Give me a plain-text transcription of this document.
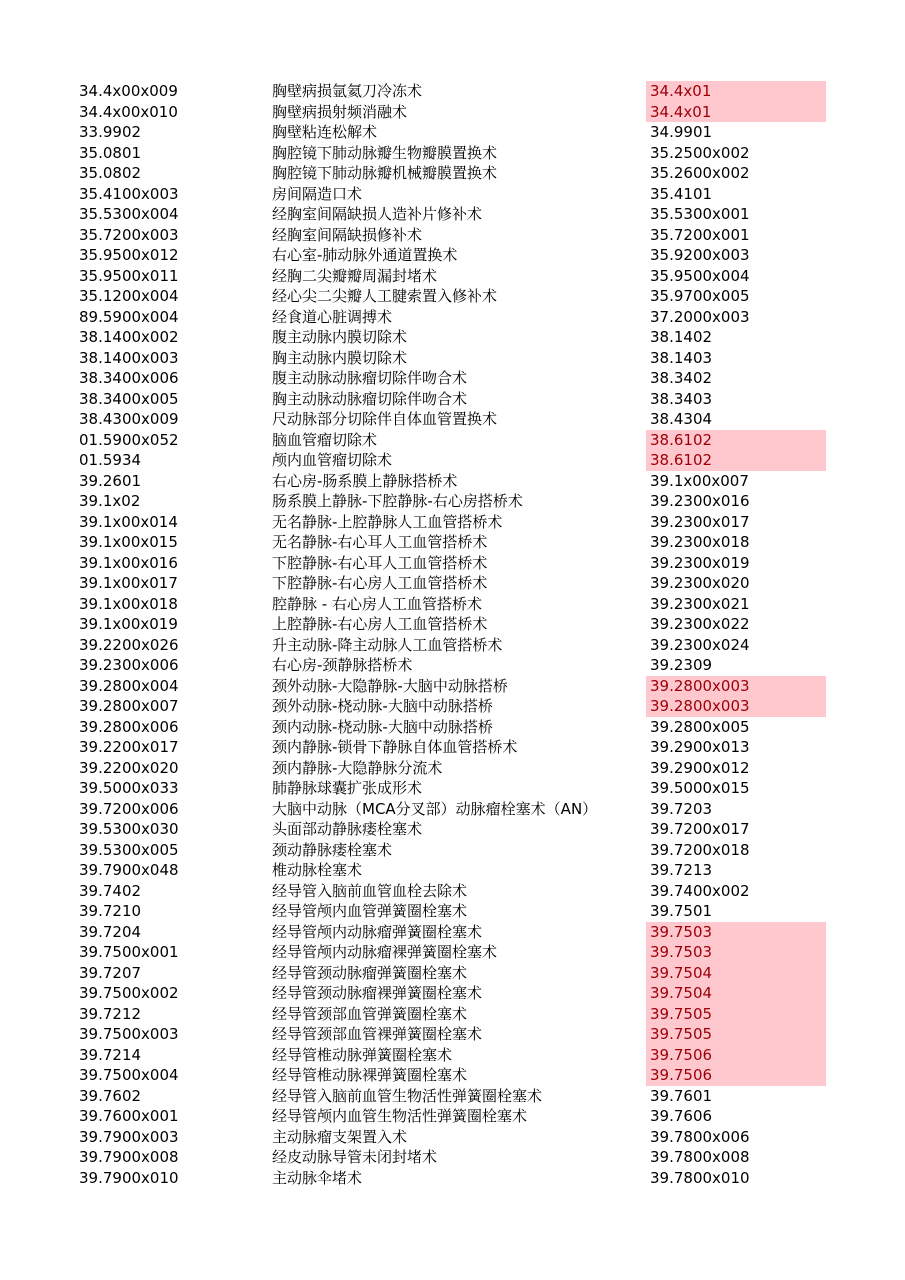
34.4x00x009	胸壁病损氩氦刀冷冻术	34.4x01
34.4x00x010	胸壁病损射频消融术	34.4x01
33.9902	胸壁粘连松解术	34.9901
35.0801	胸腔镜下肺动脉瓣生物瓣膜置换术	35.2500x002
35.0802	胸腔镜下肺动脉瓣机械瓣膜置换术	35.2600x002
35.4100x003	房间隔造口术	35.4101
35.5300x004	经胸室间隔缺损人造补片修补术	35.5300x001
35.7200x003	经胸室间隔缺损修补术	35.7200x001
35.9500x012	右心室-肺动脉外通道置换术	35.9200x003
35.9500x011	经胸二尖瓣瓣周漏封堵术	35.9500x004
35.1200x004	经心尖二尖瓣人工腱索置入修补术	35.9700x005
89.5900x004	经食道心脏调搏术	37.2000x003
38.1400x002	腹主动脉内膜切除术	38.1402
38.1400x003	胸主动脉内膜切除术	38.1403
38.3400x006	腹主动脉动脉瘤切除伴吻合术	38.3402
38.3400x005	胸主动脉动脉瘤切除伴吻合术	38.3403
38.4300x009	尺动脉部分切除伴自体血管置换术	38.4304
01.5900x052	脑血管瘤切除术	38.6102
01.5934	颅内血管瘤切除术	38.6102
39.2601	右心房-肠系膜上静脉搭桥术	39.1x00x007
39.1x02	肠系膜上静脉-下腔静脉-右心房搭桥术	39.2300x016
39.1x00x014	无名静脉-上腔静脉人工血管搭桥术	39.2300x017
39.1x00x015	无名静脉-右心耳人工血管搭桥术	39.2300x018
39.1x00x016	下腔静脉-右心耳人工血管搭桥术	39.2300x019
39.1x00x017	下腔静脉-右心房人工血管搭桥术	39.2300x020
39.1x00x018	腔静脉 - 右心房人工血管搭桥术	39.2300x021
39.1x00x019	上腔静脉-右心房人工血管搭桥术	39.2300x022
39.2200x026	升主动脉-降主动脉人工血管搭桥术	39.2300x024
39.2300x006	右心房-颈静脉搭桥术	39.2309
39.2800x004	颈外动脉-大隐静脉-大脑中动脉搭桥	39.2800x003
39.2800x007	颈外动脉-桡动脉-大脑中动脉搭桥	39.2800x003
39.2800x006	颈内动脉-桡动脉-大脑中动脉搭桥	39.2800x005
39.2200x017	颈内静脉-锁骨下静脉自体血管搭桥术	39.2900x013
39.2200x020	颈内静脉-大隐静脉分流术	39.2900x012
39.5000x033	肺静脉球囊扩张成形术	39.5000x015
39.7200x006	大脑中动脉（MCA分叉部）动脉瘤栓塞术（AN）	39.7203
39.5300x030	头面部动静脉瘘栓塞术	39.7200x017
39.5300x005	颈动静脉瘘栓塞术	39.7200x018
39.7900x048	椎动脉栓塞术	39.7213
39.7402	经导管入脑前血管血栓去除术	39.7400x002
39.7210	经导管颅内血管弹簧圈栓塞术	39.7501
39.7204	经导管颅内动脉瘤弹簧圈栓塞术	39.7503
39.7500x001	经导管颅内动脉瘤裸弹簧圈栓塞术	39.7503
39.7207	经导管颈动脉瘤弹簧圈栓塞术	39.7504
39.7500x002	经导管颈动脉瘤裸弹簧圈栓塞术	39.7504
39.7212	经导管颈部血管弹簧圈栓塞术	39.7505
39.7500x003	经导管颈部血管裸弹簧圈栓塞术	39.7505
39.7214	经导管椎动脉弹簧圈栓塞术	39.7506
39.7500x004	经导管椎动脉裸弹簧圈栓塞术	39.7506
39.7602	经导管入脑前血管生物活性弹簧圈栓塞术	39.7601
39.7600x001	经导管颅内血管生物活性弹簧圈栓塞术	39.7606
39.7900x003	主动脉瘤支架置入术	39.7800x006
39.7900x008	经皮动脉导管未闭封堵术	39.7800x008
39.7900x010	主动脉伞堵术	39.7800x010
